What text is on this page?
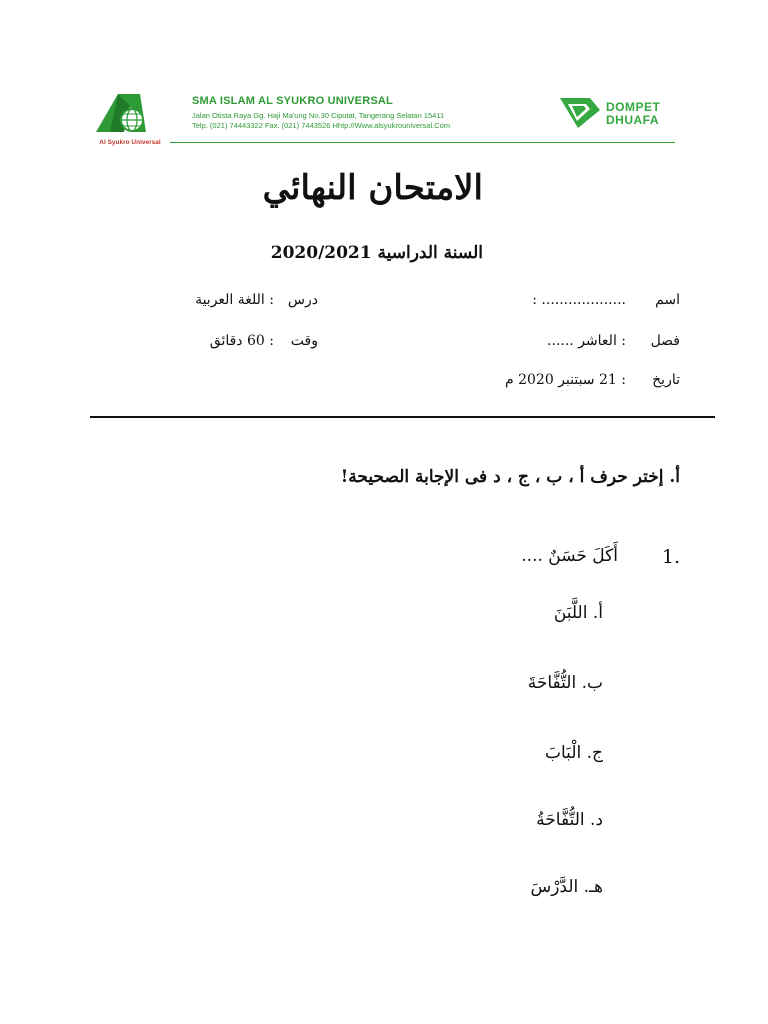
Al Syukro Universal
SMA ISLAM AL SYUKRO UNIVERSAL
Jalan Otista Raya Gg. Haji Ma'ung No.30 Ciputat, Tangerang Selatan 15411
Telp. (021) 74443322 Fax. (021) 7443526 Hhtp://Www.alsyukrouniversal.Com
DOMPET
DHUAFA
الامتحان النهائي
السنة الدراسية 2020/2021
اسم
: ...................
درس
: اللغة العربية
فصل
: العاشر ......
وقت
: 60 دقائق
تاريخ
: 21 سبتنبر 2020 م
أ. إختر حرف أ ، ب ، ج ، د فى الإجابة الصحيحة!
1.
أَكَلَ حَسَنٌ ....
أ. اللَّبَنَ
ب. التُّفَّاحَةَ
ج. الْبَابَ
د. التُّفَّاحَةُ
هـ. الدَّرْسَ
